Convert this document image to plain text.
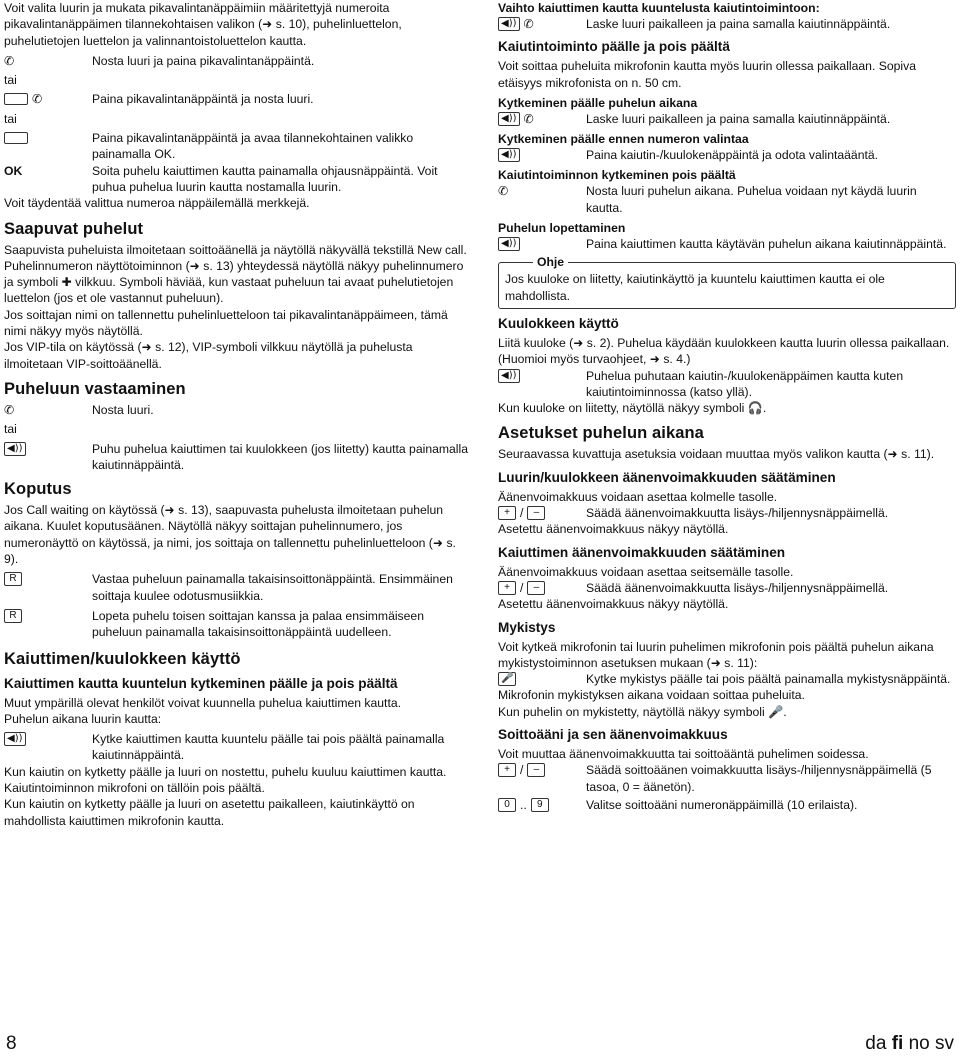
Voit valita luurin ja mukata pikavalintanäppäimiin määritettyjä numeroita pikavalintanäppäimen tilannekohtaisen valikon (➜ s. 10), puhelinluettelon, puhelutietojen luettelon ja valinnantoistoluettelon kautta.

✆	Nosta luuri ja paina pikavalintanäppäintä.

tai

✆	Paina pikavalintanäppäintä ja nosta luuri.

tai

Paina pikavalintanäppäintä ja avaa tilannekohtainen valikko painamalla OK.
OK	Soita puhelu kaiuttimen kautta painamalla ohjausnäppäintä. Voit puhua puhelua luurin kautta nostamalla luurin.

Voit täydentää valittua numeroa näppäilemällä merkkejä.

Saapuvat puhelut

Saapuvista puheluista ilmoitetaan soittoäänellä ja näytöllä näkyvällä tekstillä New call.

Puhelinnumeron näyttötoiminnon (➜ s. 13) yhteydessä näytöllä näkyy puhelinnumero ja symboli ✚ vilkkuu. Symboli häviää, kun vastaat puheluun tai avaat puhelutietojen luettelon (jos et ole vastannut puheluun).

Jos soittajan nimi on tallennettu puhelinluetteloon tai pikavalintanäppäimeen, tämä nimi näkyy myös näytöllä.

Jos VIP-tila on käytössä (➜ s. 12), VIP-symboli vilkkuu näytöllä ja puhelusta ilmoitetaan VIP-soittoäänellä.

Puheluun vastaaminen
✆	Nosta luuri.

tai

◀))	Puhu puhelua kaiuttimen tai kuulokkeen (jos liitetty) kautta painamalla kaiutinnäppäintä.
Koputus

Jos Call waiting on käytössä (➜ s. 13), saapuvasta puhelusta ilmoitetaan puhelun aikana. Kuulet koputusäänen. Näytöllä näkyy soittajan puhelinnumero, jos numeronäyttö on käytössä, ja nimi, jos soittaja on tallennettu puhelinluetteloon (➜ s. 9).

R	Vastaa puheluun painamalla takaisinsoittonäppäintä. Ensimmäinen soittaja kuulee odotusmusiikkia.
R	Lopeta puhelu toisen soittajan kanssa ja palaa ensimmäiseen puheluun painamalla takaisinsoittonäppäintä uudelleen.
Kaiuttimen/kuulokkeen käyttö
Kaiuttimen kautta kuuntelun kytkeminen päälle ja pois päältä

Muut ympärillä olevat henkilöt voivat kuunnella puhelua kaiuttimen kautta.

Puhelun aikana luurin kautta:

◀))	Kytke kaiuttimen kautta kuuntelu päälle tai pois päältä painamalla kaiutinnäppäintä.

Kun kaiutin on kytketty päälle ja luuri on nostettu, puhelu kuuluu kaiuttimen kautta. Kaiutintoiminnon mikrofoni on tällöin pois päältä.

Kun kaiutin on kytketty päälle ja luuri on asetettu paikalleen, kaiutinkäyttö on mahdollista kaiuttimen mikrofonin kautta.

Vaihto kaiuttimen kautta kuuntelusta kaiutintoimintoon:
◀)) ✆	Laske luuri paikalleen ja paina samalla kaiutinnäppäintä.
Kaiutintoiminto päälle ja pois päältä

Voit soittaa puheluita mikrofonin kautta myös luurin ollessa paikallaan. Sopiva etäisyys mikrofonista on n. 50 cm.

Kytkeminen päälle puhelun aikana
◀)) ✆	Laske luuri paikalleen ja paina samalla kaiutinnäppäintä.
Kytkeminen päälle ennen numeron valintaa
◀))	Paina kaiutin-/kuulokenäppäintä ja odota valintaääntä.
Kaiutintoiminnon kytkeminen pois päältä
✆	Nosta luuri puhelun aikana. Puhelua voidaan nyt käydä luurin kautta.
Puhelun lopettaminen
◀))	Paina kaiuttimen kautta käytävän puhelun aikana kaiutinnäppäintä.
Ohje

Jos kuuloke on liitetty, kaiutinkäyttö ja kuuntelu kaiuttimen kautta ei ole mahdollista.

Kuulokkeen käyttö

Liitä kuuloke (➜ s. 2). Puhelua käydään kuulokkeen kautta luurin ollessa paikallaan. (Huomioi myös turvaohjeet, ➜ s. 4.)

◀))	Puhelua puhutaan kaiutin-/kuulokenäppäimen kautta kuten kaiutintoiminnossa (katso yllä).

Kun kuuloke on liitetty, näytöllä näkyy symboli 🎧.

Asetukset puhelun aikana

Seuraavassa kuvattuja asetuksia voidaan muuttaa myös valikon kautta (➜ s. 11).

Luurin/kuulokkeen äänenvoimakkuuden säätäminen

Äänenvoimakkuus voidaan asettaa kolmelle tasolle.

+ /	–	Säädä äänenvoimakkuutta lisäys-/hiljennysnäppäimellä.

Asetettu äänenvoimakkuus näkyy näytöllä.

Kaiuttimen äänenvoimakkuuden säätäminen

Äänenvoimakkuus voidaan asettaa seitsemälle tasolle.

+ /	–	Säädä äänenvoimakkuutta lisäys-/hiljennysnäppäimellä.

Asetettu äänenvoimakkuus näkyy näytöllä.

Mykistys

Voit kytkeä mikrofonin tai luurin puhelimen mikrofonin pois päältä puhelun aikana mykistystoiminnon asetuksen mukaan (➜ s. 11):

🎤	Kytke mykistys päälle tai pois päältä painamalla mykistysnäppäintä.

Mikrofonin mykistyksen aikana voidaan soittaa puheluita.

Kun puhelin on mykistetty, näytöllä näkyy symboli 🎤.

Soittoääni ja sen äänenvoimakkuus

Voit muuttaa äänenvoimakkuutta tai soittoääntä puhelimen soidessa.

+ /	–	Säädä soittoäänen voimakkuutta lisäys-/hiljennysnäppäimellä (5 tasoa, 0 = äänetön).
0 ..	9	Valitse soittoääni numeronäppäimillä (10 erilaista).
8	da fi no sv
